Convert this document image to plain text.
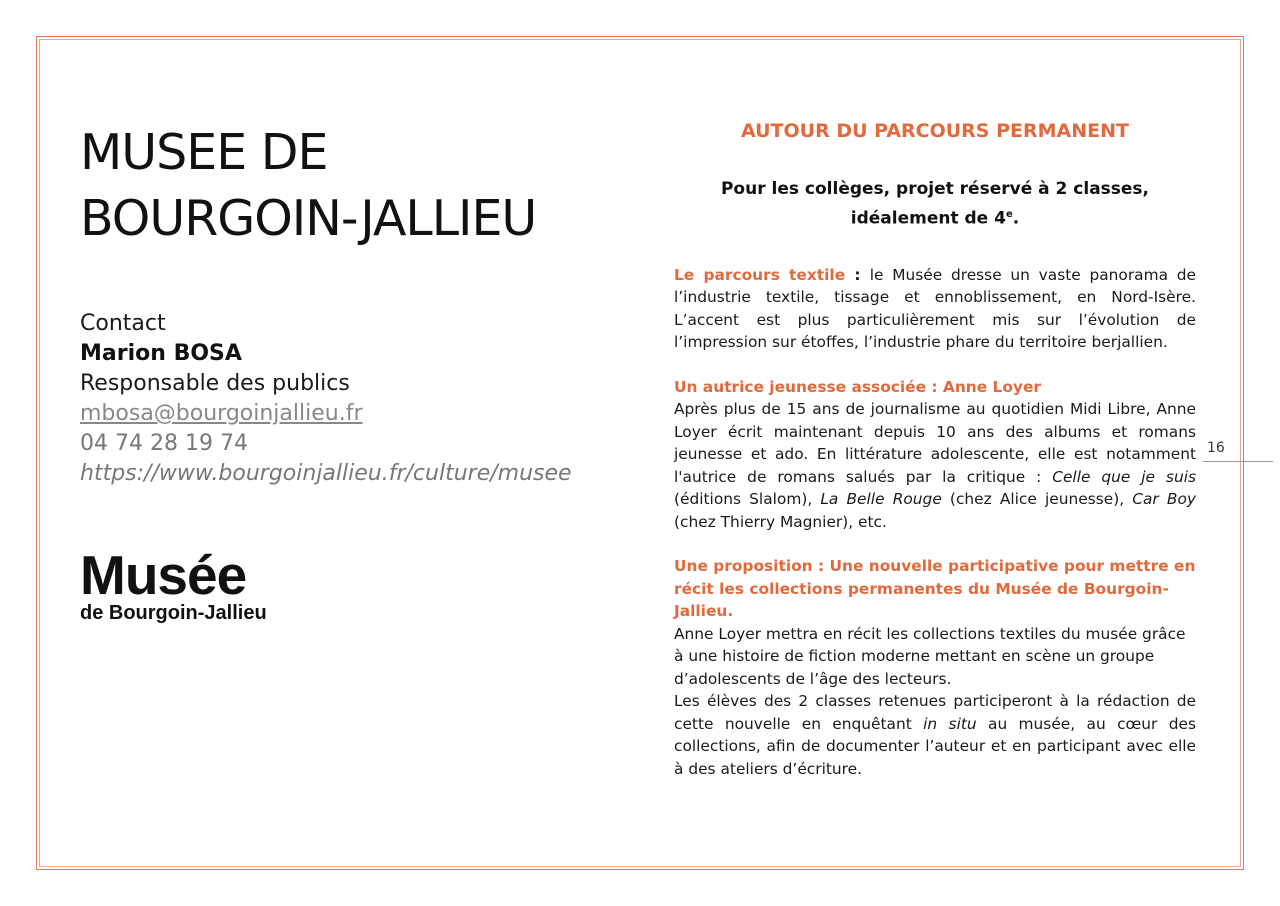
MUSEE DE
BOURGOIN-JALLIEU
Contact
Marion BOSA
Responsable des publics
mbosa@bourgoinjallieu.fr
04 74 28 19 74
https://www.bourgoinjallieu.fr/culture/musee
Musée
de Bourgoin-Jallieu
AUTOUR DU PARCOURS PERMANENT

Pour les collèges, projet réservé à 2 classes,
idéalement de 4e.

Le parcours textile : le Musée dresse un vaste panorama de l’industrie textile, tissage et ennoblissement, en Nord-Isère. L’accent est plus particulièrement mis sur l’évolution de l’impression sur étoffes, l’industrie phare du territoire berjallien.

Un autrice jeunesse associée : Anne Loyer

Après plus de 15 ans de journalisme au quotidien Midi Libre, Anne Loyer écrit maintenant depuis 10 ans des albums et romans jeunesse et ado. En littérature adolescente, elle est notamment l'autrice de romans salués par la critique : Celle que je suis (éditions Slalom), La Belle Rouge (chez Alice jeunesse), Car Boy (chez Thierry Magnier), etc.

Une proposition : Une nouvelle participative pour mettre en récit les collections permanentes du Musée de Bourgoin-Jallieu.

Anne Loyer mettra en récit les collections textiles du musée grâce à une histoire de fiction moderne mettant en scène un groupe d’adolescents de l’âge des lecteurs.

Les élèves des 2 classes retenues participeront à la rédaction de cette nouvelle en enquêtant in situ au musée, au cœur des collections, afin de documenter l’auteur et en participant avec elle à des ateliers d’écriture.

16
